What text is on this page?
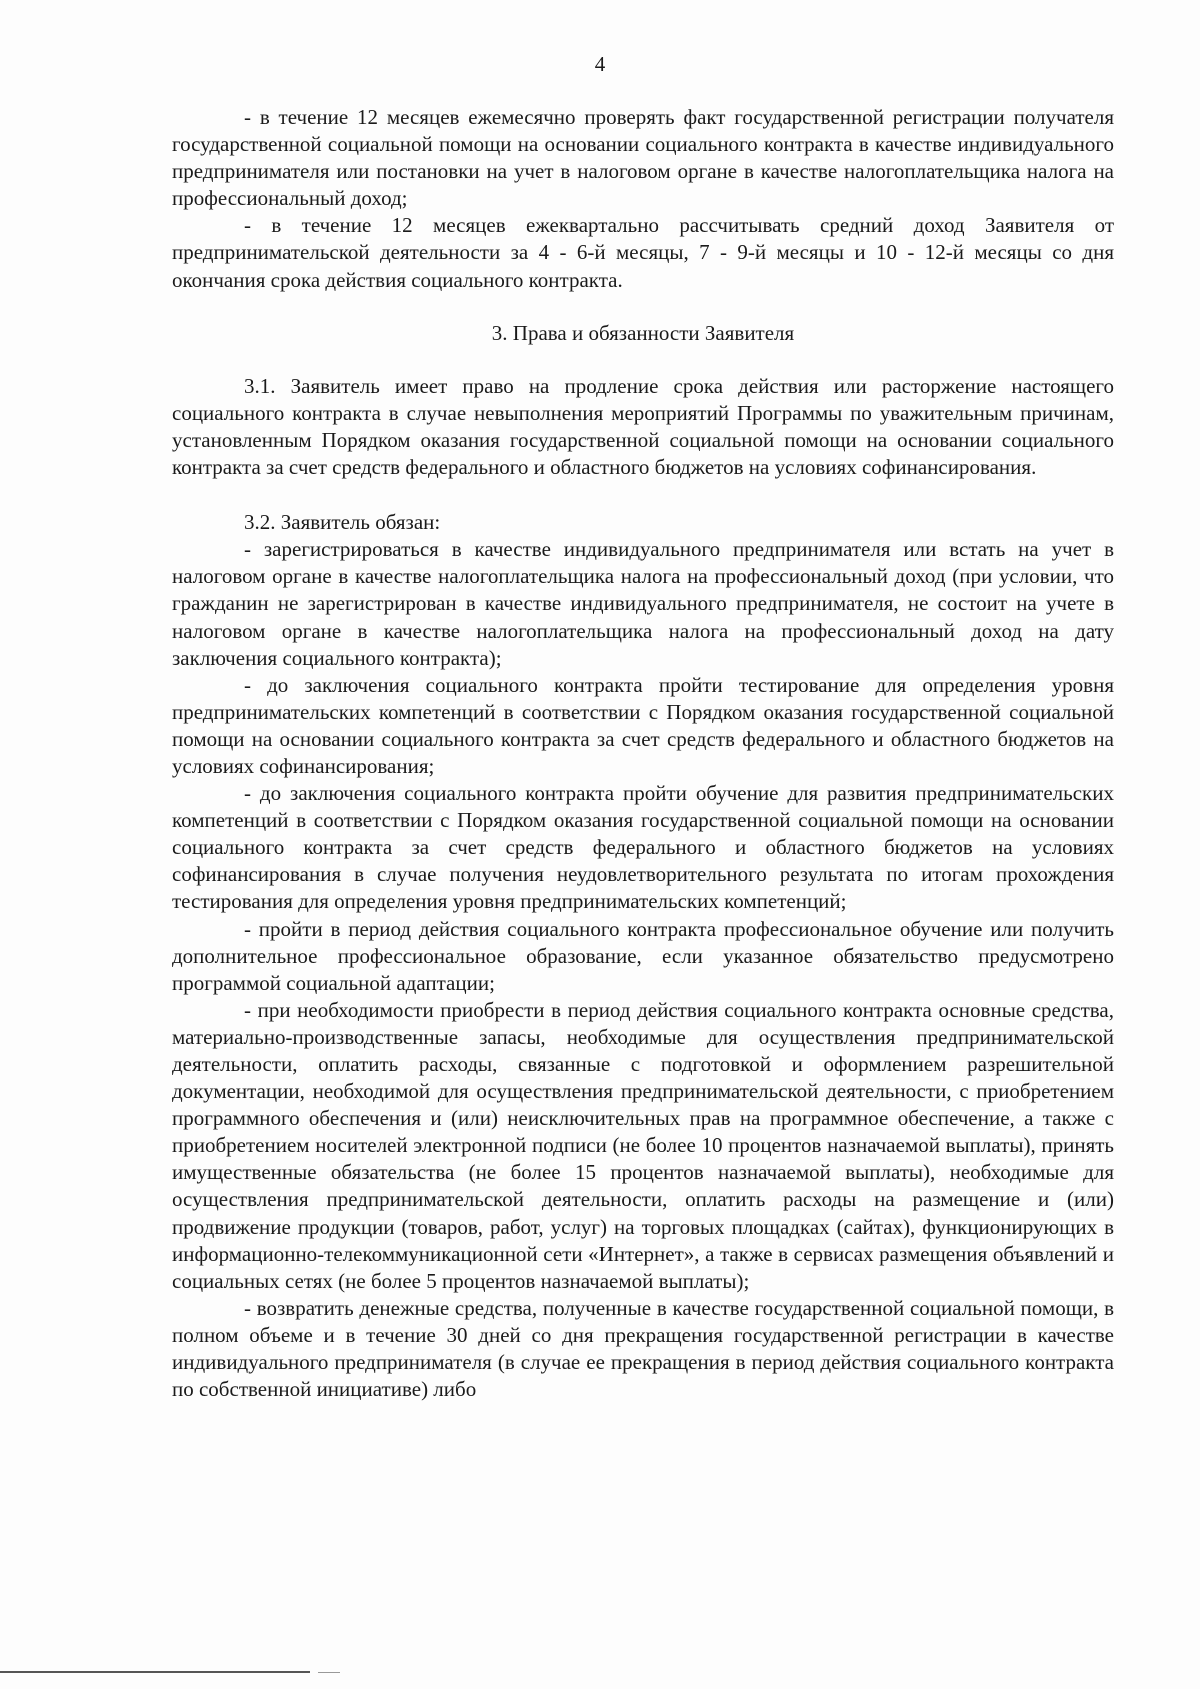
4

- в течение 12 месяцев ежемесячно проверять факт государственной регистрации получателя государственной социальной помощи на основании социального контракта в качестве индивидуального предпринимателя или постановки на учет в налоговом органе в качестве налогоплательщика налога на профессиональный доход;

- в течение 12 месяцев ежеквартально рассчитывать средний доход Заявителя от предпринимательской деятельности за 4 - 6-й месяцы, 7 - 9-й месяцы и 10 - 12-й месяцы со дня окончания срока действия социального контракта.

3. Права и обязанности Заявителя

3.1. Заявитель имеет право на продление срока действия или расторжение настоящего социального контракта в случае невыполнения мероприятий Программы по уважительным причинам, установленным Порядком оказания государственной социальной помощи на основании социального контракта за счет средств федерального и областного бюджетов на условиях софинансирования.

3.2. Заявитель обязан:

- зарегистрироваться в качестве индивидуального предпринимателя или встать на учет в налоговом органе в качестве налогоплательщика налога на профессиональный доход (при условии, что гражданин не зарегистрирован в качестве индивидуального предпринимателя, не состоит на учете в налоговом органе в качестве налогоплательщика налога на профессиональный доход на дату заключения социального контракта);

- до заключения социального контракта пройти тестирование для определения уровня предпринимательских компетенций в соответствии с Порядком оказания государственной социальной помощи на основании социального контракта за счет средств федерального и областного бюджетов на условиях софинансирования;

- до заключения социального контракта пройти обучение для развития предпринимательских компетенций в соответствии с Порядком оказания государственной социальной помощи на основании социального контракта за счет средств федерального и областного бюджетов на условиях софинансирования в случае получения неудовлетворительного результата по итогам прохождения тестирования для определения уровня предпринимательских компетенций;

- пройти в период действия социального контракта профессиональное обучение или получить дополнительное профессиональное образование, если указанное обязательство предусмотрено программой социальной адаптации;

- при необходимости приобрести в период действия социального контракта основные средства, материально-производственные запасы, необходимые для осуществления предпринимательской деятельности, оплатить расходы, связанные с подготовкой и оформлением разрешительной документации, необходимой для осуществления предпринимательской деятельности, с приобретением программного обеспечения и (или) неисключительных прав на программное обеспечение, а также с приобретением носителей электронной подписи (не более 10 процентов назначаемой выплаты), принять имущественные обязательства (не более 15 процентов назначаемой выплаты), необходимые для осуществления предпринимательской деятельности, оплатить расходы на размещение и (или) продвижение продукции (товаров, работ, услуг) на торговых площадках (сайтах), функционирующих в информационно-телекоммуникационной сети «Интернет», а также в сервисах размещения объявлений и социальных сетях (не более 5 процентов назначаемой выплаты);

- возвратить денежные средства, полученные в качестве государственной социальной помощи, в полном объеме и в течение 30 дней со дня прекращения государственной регистрации в качестве индивидуального предпринимателя (в случае ее прекращения в период действия социального контракта по собственной инициативе) либо
